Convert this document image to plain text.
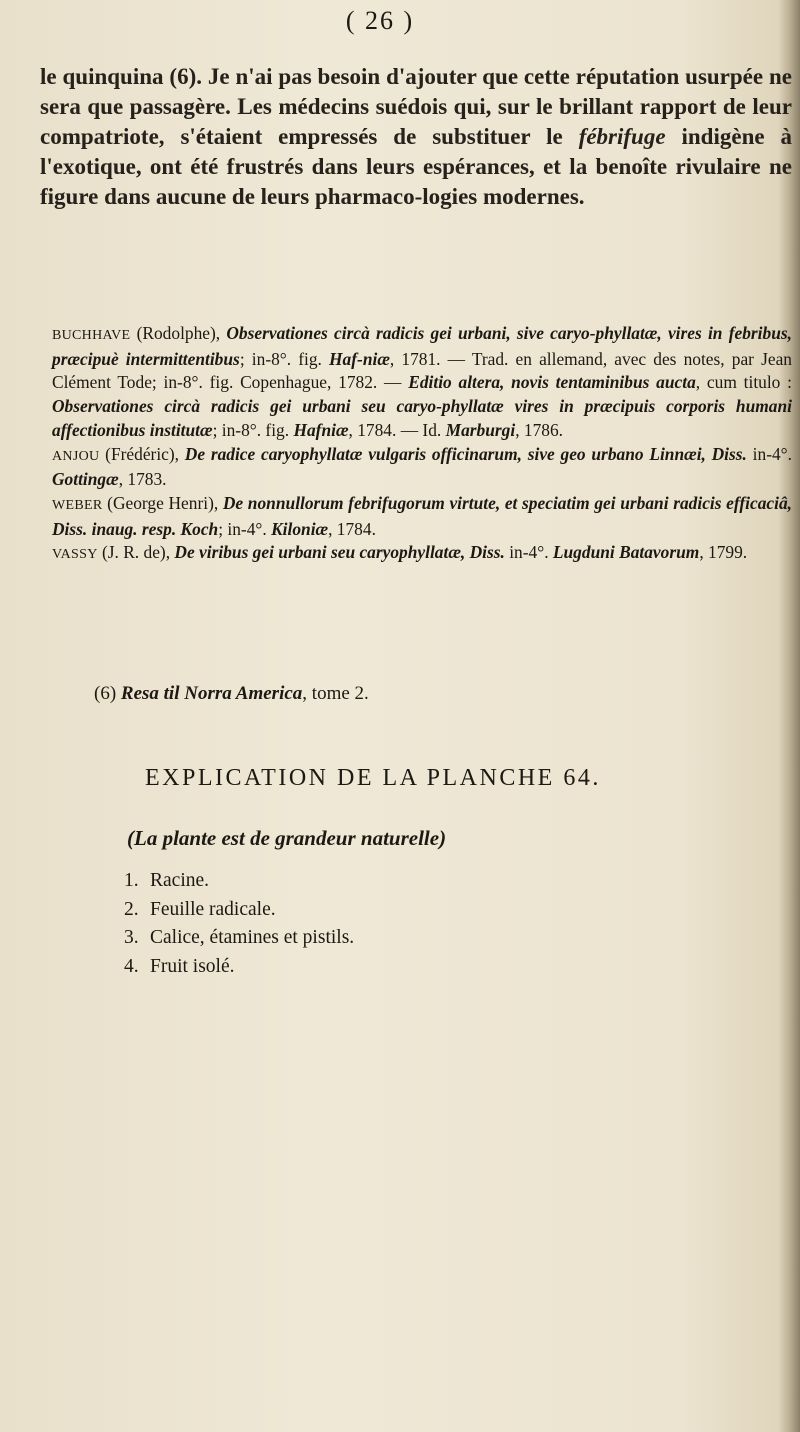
( 26 )

le quinquina (6). Je n'ai pas besoin d'ajouter que cette réputation usurpée ne sera que passagère. Les médecins suédois qui, sur le brillant rapport de leur compatriote, s'étaient empressés de substituer le fébrifuge indigène à l'exotique, ont été frustrés dans leurs espérances, et la benoîte rivulaire ne figure dans aucune de leurs pharmaco-logies modernes.

BUCHHAVE (Rodolphe), Observationes circà radicis gei urbani, sive caryo-phyllatæ, vires in febribus, præcipuè intermittentibus; in-8°. fig. Haf-niæ, 1781. — Trad. en allemand, avec des notes, par Jean Clément Tode; in-8°. fig. Copenhague, 1782. — Editio altera, novis tentaminibus aucta, cum titulo : Observationes circà radicis gei urbani seu caryo-phyllatæ vires in præcipuis corporis humani affectionibus institutæ; in-8°. fig. Hafniæ, 1784. — Id. Marburgi, 1786.

ANJOU (Frédéric), De radice caryophyllatæ vulgaris officinarum, sive geo urbano Linnæi, Diss. in-4°. Gottingæ, 1783.

WEBER (George Henri), De nonnullorum febrifugorum virtute, et speciatim gei urbani radicis efficaciâ, Diss. inaug. resp. Koch; in-4°. Kiloniæ, 1784.

VASSY (J. R. de), De viribus gei urbani seu caryophyllatæ, Diss. in-4°. Lugduni Batavorum, 1799.

(6) Resa til Norra America, tome 2.
EXPLICATION DE LA PLANCHE 64.
(La plante est de grandeur naturelle)
1. Racine.
2. Feuille radicale.
3. Calice, étamines et pistils.
4. Fruit isolé.
